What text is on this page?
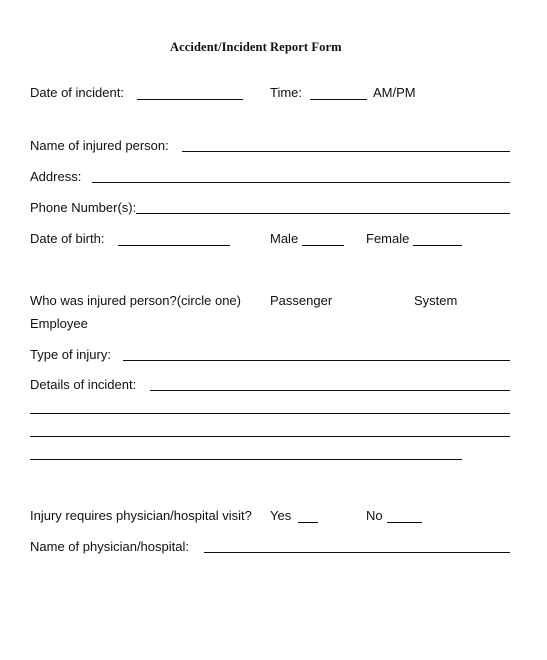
Accident/Incident Report Form
Date of incident:	Time:	AM/PM
Name of injured person:
Address:
Phone Number(s):
Date of birth:	Male	Female
Who was injured person?(circle one) Passenger	System
Employee
Type of injury:
Details of incident:
Injury requires physician/hospital visit? Yes	No
Name of physician/hospital:
